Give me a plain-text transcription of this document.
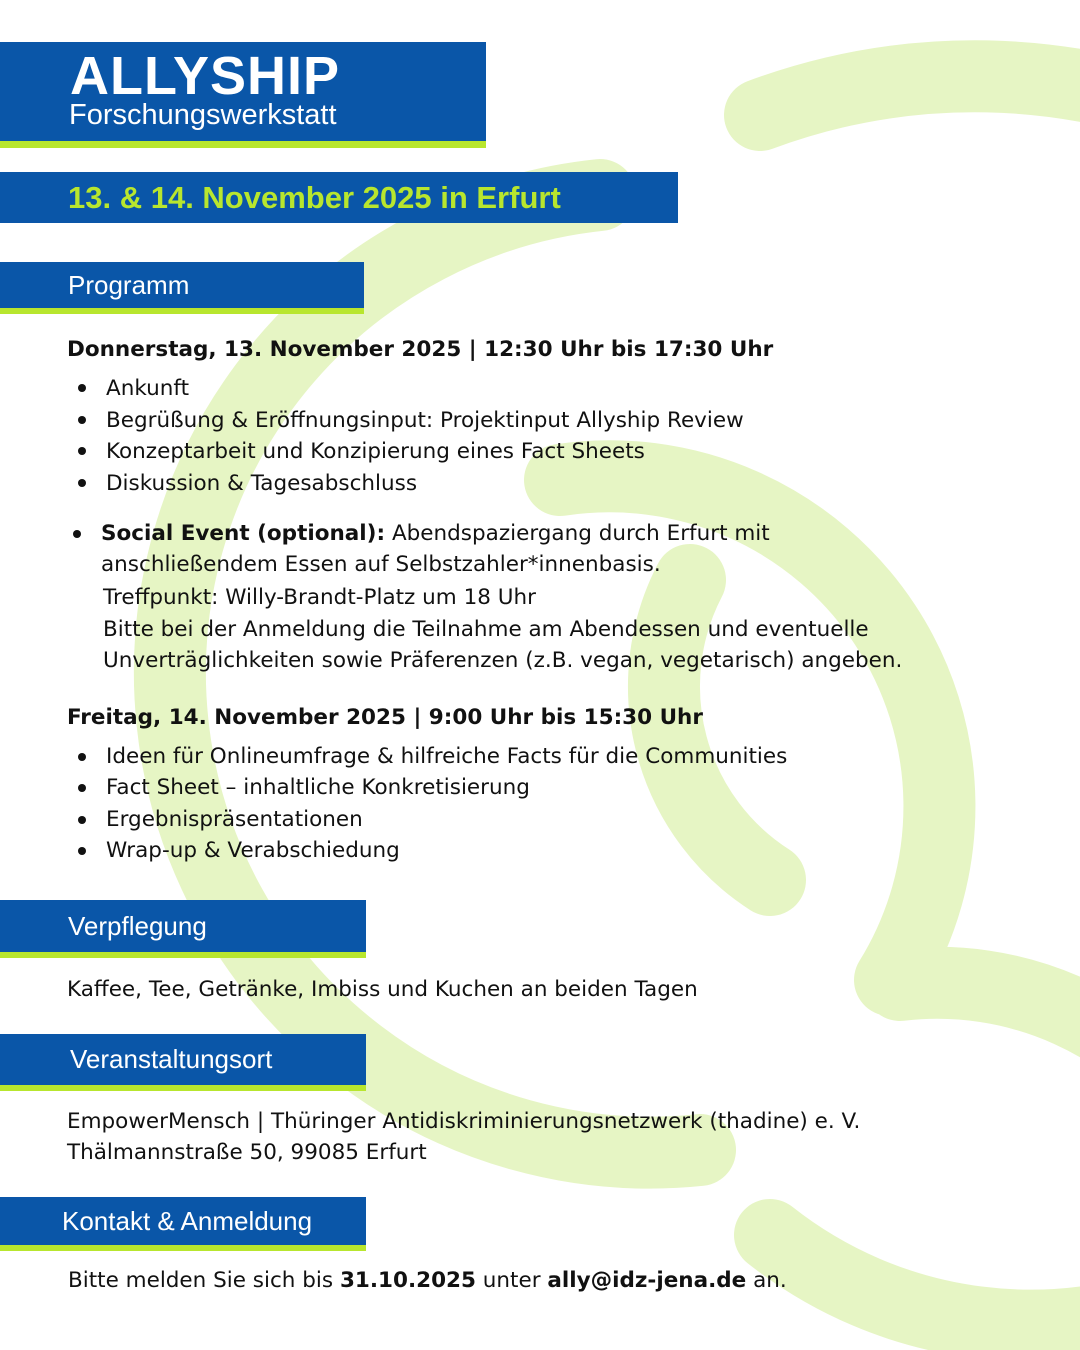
ALLYSHIP
Forschungswerkstatt
13. & 14. November 2025 in Erfurt
Programm
Donnerstag, 13. November 2025 | 12:30 Uhr bis 17:30 Uhr
Ankunft
Begrüßung & Eröffnungsinput: Projektinput Allyship Review
Konzeptarbeit und Konzipierung eines Fact Sheets
Diskussion & Tagesabschluss
Social Event (optional): Abendspaziergang durch Erfurt mit
anschließendem Essen auf Selbstzahler*innenbasis.
Treffpunkt: Willy-Brandt-Platz um 18 Uhr
Bitte bei der Anmeldung die Teilnahme am Abendessen und eventuelle
Unverträglichkeiten sowie Präferenzen (z.B. vegan, vegetarisch) angeben.
Freitag, 14. November 2025 | 9:00 Uhr bis 15:30 Uhr
Ideen für Onlineumfrage & hilfreiche Facts für die Communities
Fact Sheet – inhaltliche Konkretisierung
Ergebnispräsentationen
Wrap-up & Verabschiedung
Verpflegung
Kaffee, Tee, Getränke, Imbiss und Kuchen an beiden Tagen
Veranstaltungsort
EmpowerMensch | Thüringer Antidiskriminierungsnetzwerk (thadine) e. V.
Thälmannstraße 50, 99085 Erfurt
Kontakt & Anmeldung
Bitte melden Sie sich bis 31.10.2025 unter ally@idz-jena.de an.
